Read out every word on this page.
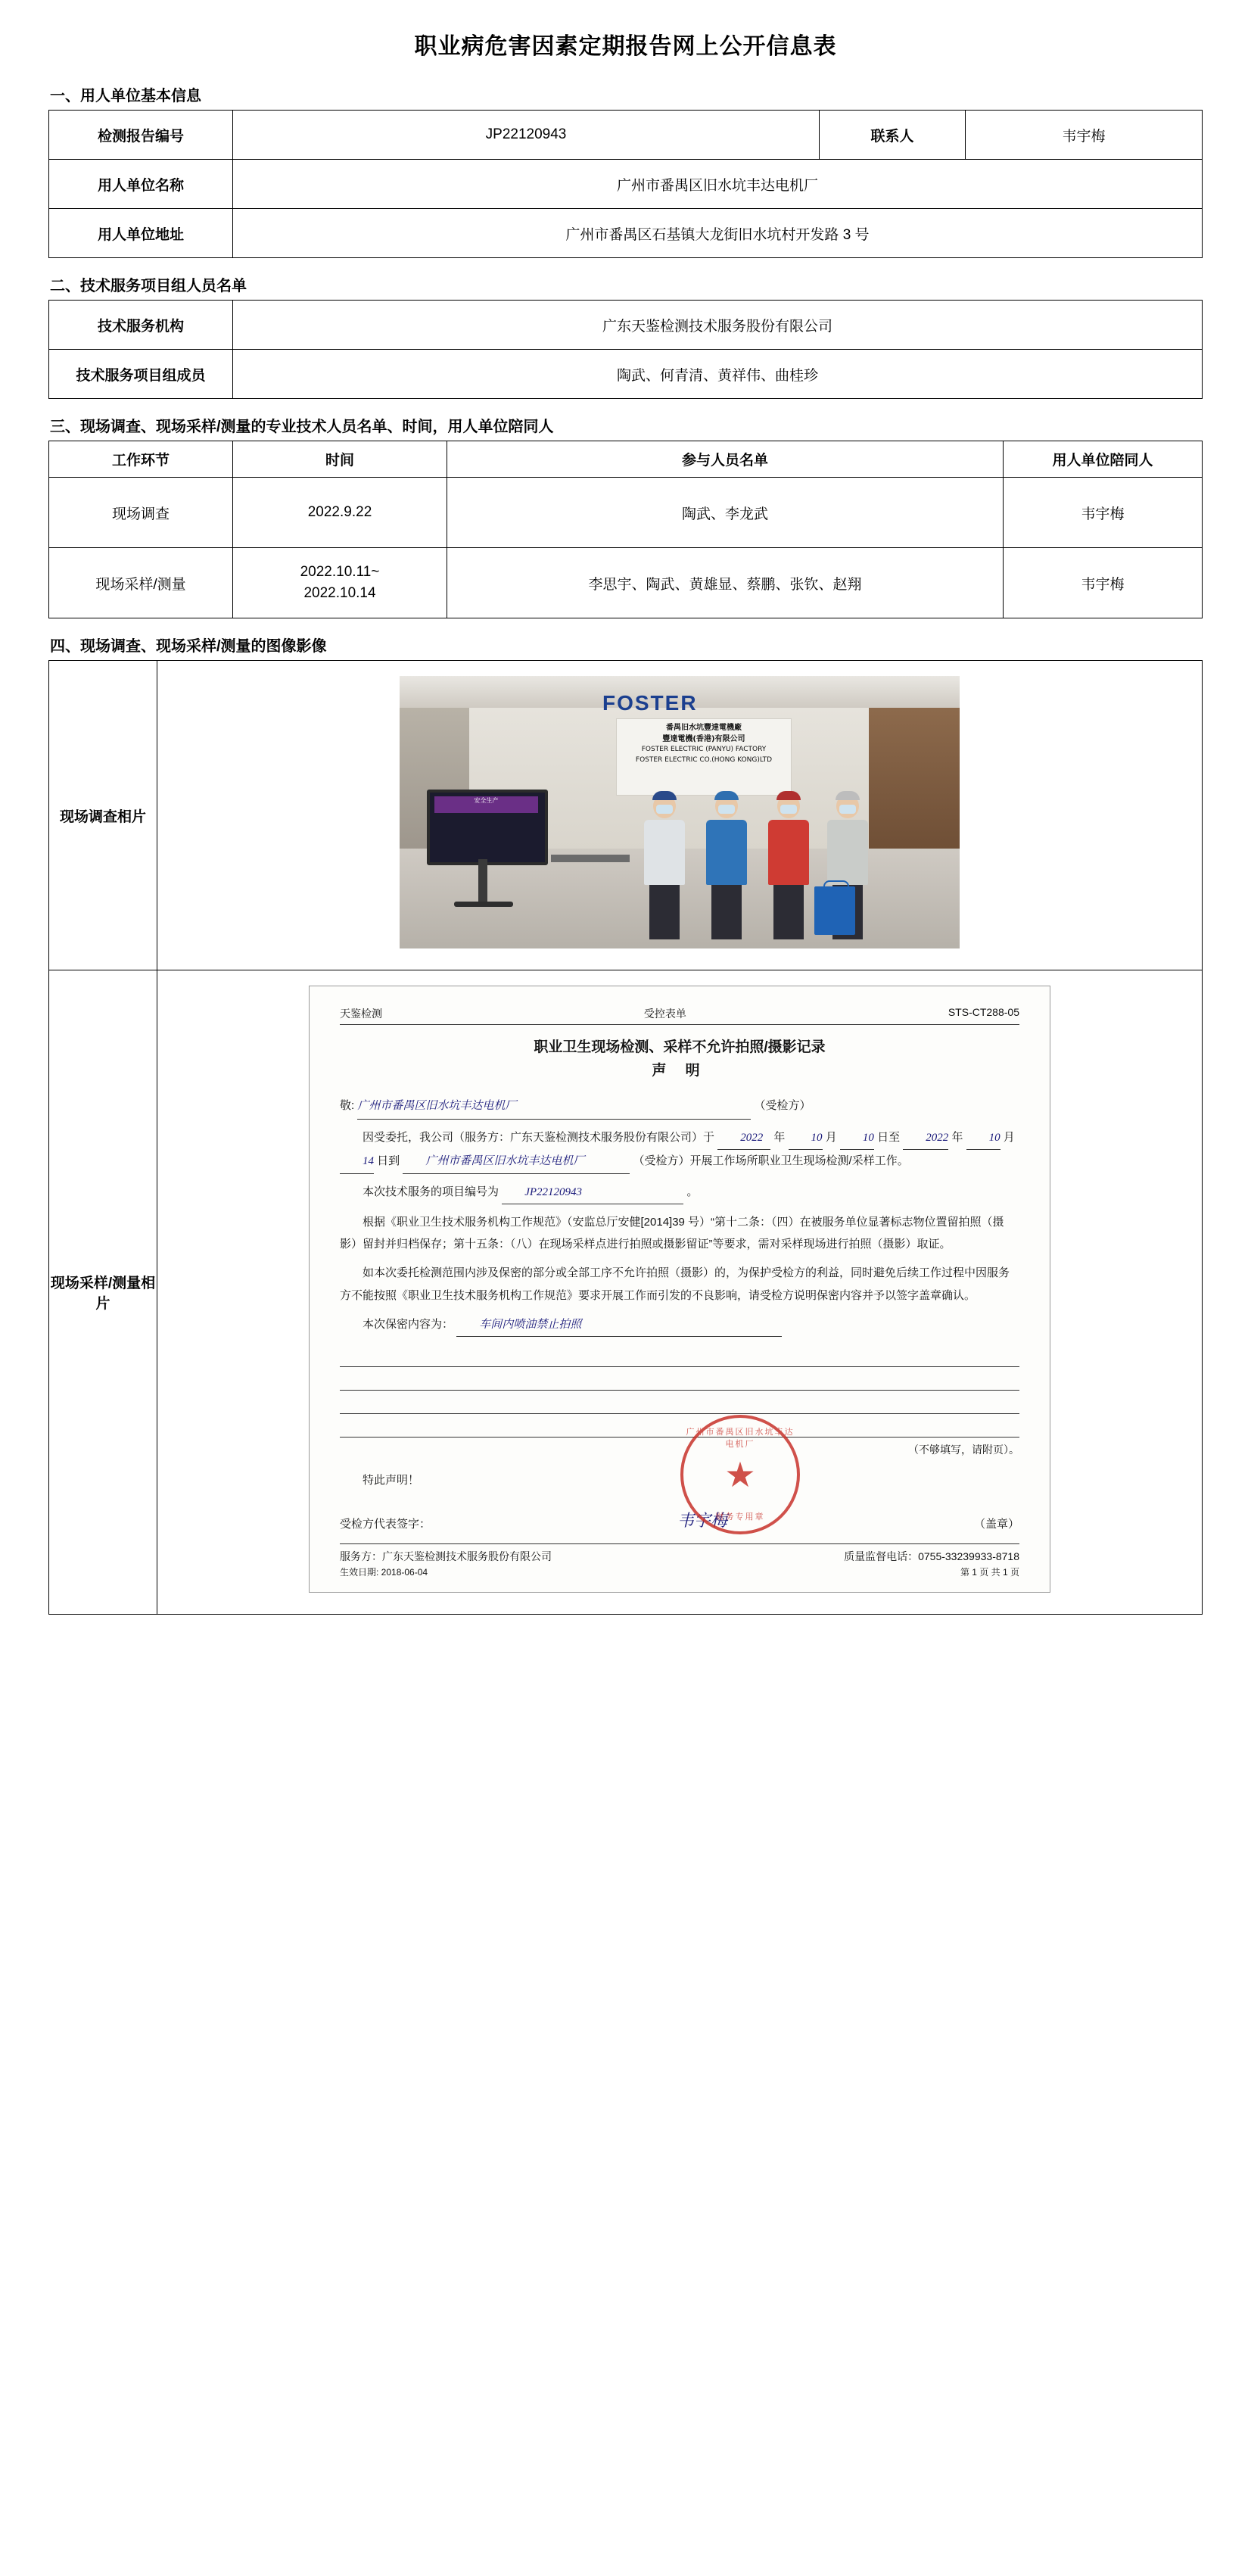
职业病危害因素定期报告网上公开信息表
一、用人单位基本信息
检测报告编号	JP22120943	联系人	韦宇梅
用人单位名称	广州市番禺区旧水坑丰达电机厂		
用人单位地址	广州市番禺区石基镇大龙街旧水坑村开发路 3 号		
二、技术服务项目组人员名单
技术服务机构	广东天鉴检测技术服务股份有限公司
技术服务项目组成员	陶武、何青清、黄祥伟、曲桂珍
三、现场调查、现场采样/测量的专业技术人员名单、时间，用人单位陪同人
工作环节	时间	参与人员名单	用人单位陪同人
现场调查	2022.9.22	陶武、李龙武	韦宇梅
现场采样/测量	2022.10.11~
2022.10.14	李思宇、陶武、黄雄显、蔡鹏、张钦、赵翔	韦宇梅
四、现场调查、现场采样/测量的图像影像
现场调查相片	
FOSTER
番禺旧水坑豐達電機廠
豐達電機(香港)有限公司
FOSTER ELECTRIC (PANYU) FACTORY
FOSTER ELECTRIC CO.(HONG KONG)LTD
安全生产

现场采样/测量相片	
天鉴检测	受控表单	STS-CT288-05
职业卫生现场检测、采样不允许拍照/摄影记录
声 明
敬: 广州市番禺区旧水坑丰达电机厂	（受检方）

因受委托，我公司（服务方：广东天鉴检测技术服务股份有限公司）于 2022 年 10 月 10 日至 2022 年 10 月 14 日到 广州市番禺区旧水坑丰达电机厂	（受检方）开展工作场所职业卫生现场检测/采样工作。

本次技术服务的项目编号为 JP22120943	。

根据《职业卫生技术服务机构工作规范》（安监总厅安健[2014]39 号）“第十二条：（四）在被服务单位显著标志物位置留拍照（摄影）留封并归档保存；第十五条：（八）在现场采样点进行拍照或摄影留证”等要求，需对采样现场进行拍照（摄影）取证。

如本次委托检测范围内涉及保密的部分或全部工序不允许拍照（摄影）的，为保护受检方的利益，同时避免后续工作过程中因服务方不能按照《职业卫生技术服务机构工作规范》要求开展工作而引发的不良影响，请受检方说明保密内容并予以签字盖章确认。

本次保密内容为： 车间内喷油禁止拍照

（不够填写，请附页）。

特此声明！

受检方代表签字：	韦宇梅	（盖章）
广州市番禺区旧水坑丰达电机厂
★
财务专用章
服务方：广东天鉴检测技术服务股份有限公司	质量监督电话：0755-33239933-8718
生效日期: 2018-06-04	第 1 页 共 1 页
